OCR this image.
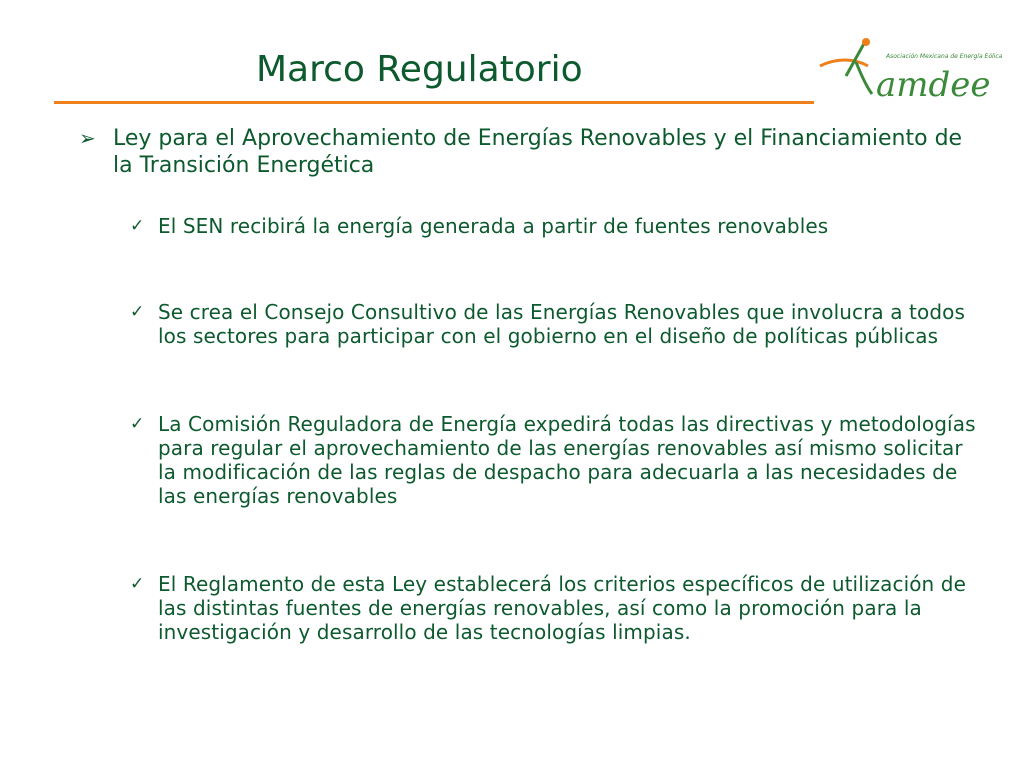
Marco Regulatorio	Asociación Mexicana de Energía Eólica
amdee
➢ Ley para el Aprovechamiento de Energías Renovables y el Financiamiento de la Transición Energética
✓ El SEN recibirá la energía generada a partir de fuentes renovables
✓ Se crea el Consejo Consultivo de las Energías Renovables que involucra a todos los sectores para participar con el gobierno en el diseño de políticas públicas
✓ La Comisión Reguladora de Energía expedirá todas las directivas y metodologías para regular el aprovechamiento de las energías renovables así mismo solicitar la modificación de las reglas de despacho para adecuarla a las necesidades de las energías renovables
✓ El Reglamento de esta Ley establecerá los criterios específicos de utilización de las distintas fuentes de energías renovables, así como la promoción para la investigación y desarrollo de las tecnologías limpias.
